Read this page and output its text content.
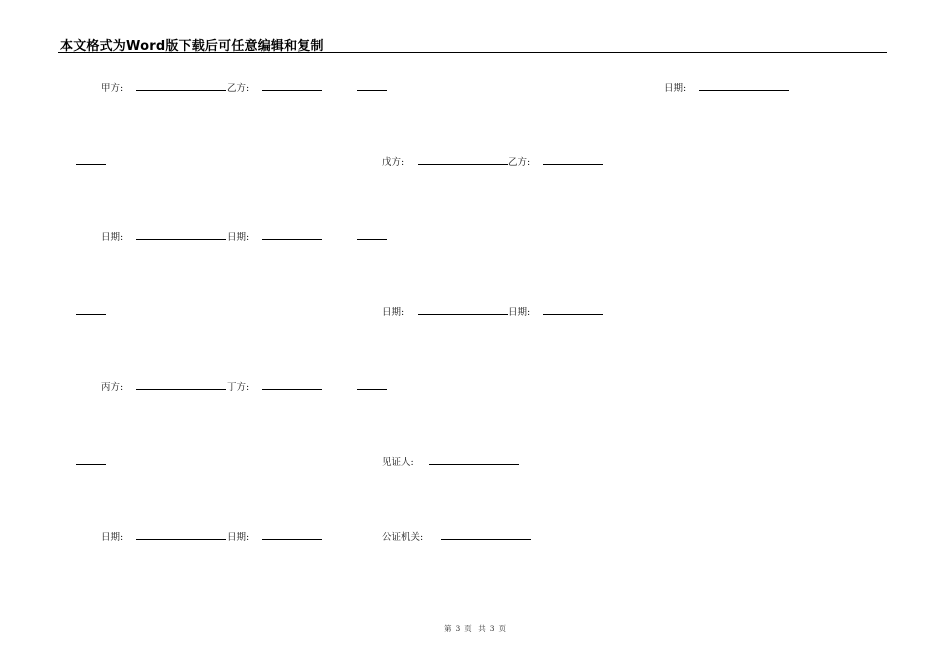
本文格式为Word版下载后可任意编辑和复制
甲方:	乙方:	日期:
戊方:	乙方:
日期:	日期:
日期:	日期:
丙方:	丁方:
见证人:
日期:	日期:	公证机关:
第 3 页 共 3 页
